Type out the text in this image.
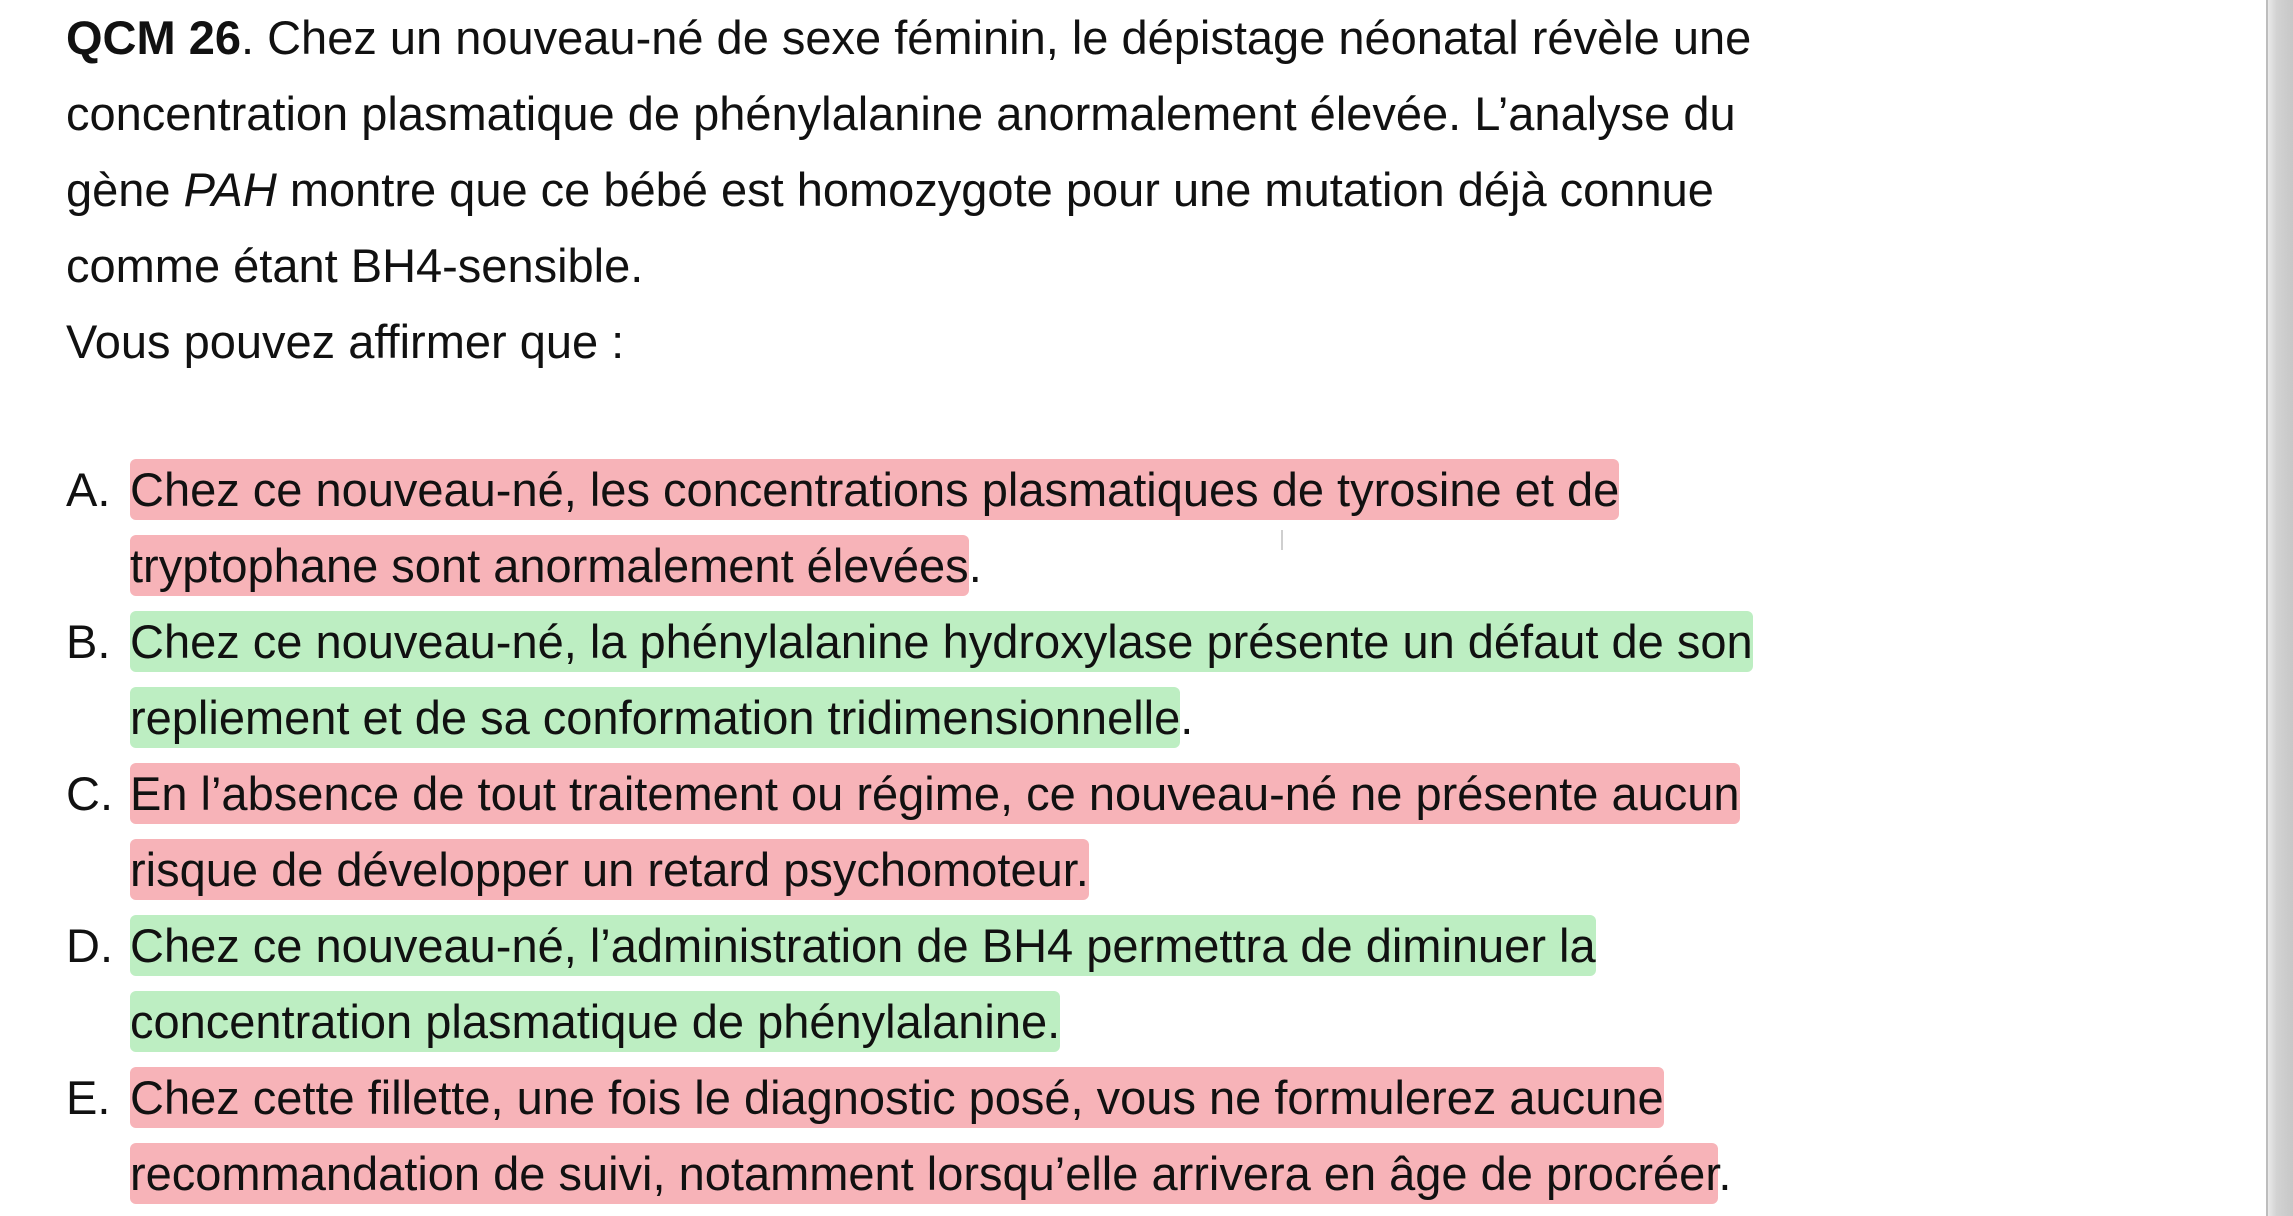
QCM 26. Chez un nouveau-né de sexe féminin, le dépistage néonatal révèle une
concentration plasmatique de phénylalanine anormalement élevée. L’analyse du
gène PAH montre que ce bébé est homozygote pour une mutation déjà connue
comme étant BH4-sensible.
Vous pouvez affirmer que :
A. Chez ce nouveau-né, les concentrations plasmatiques de tyrosine et de
tryptophane sont anormalement élevées.
B. Chez ce nouveau-né, la phénylalanine hydroxylase présente un défaut de son
repliement et de sa conformation tridimensionnelle.
C. En l’absence de tout traitement ou régime, ce nouveau-né ne présente aucun
risque de développer un retard psychomoteur.
D. Chez ce nouveau-né, l’administration de BH4 permettra de diminuer la
concentration plasmatique de phénylalanine.
E. Chez cette fillette, une fois le diagnostic posé, vous ne formulerez aucune
recommandation de suivi, notamment lorsqu’elle arrivera en âge de procréer.
